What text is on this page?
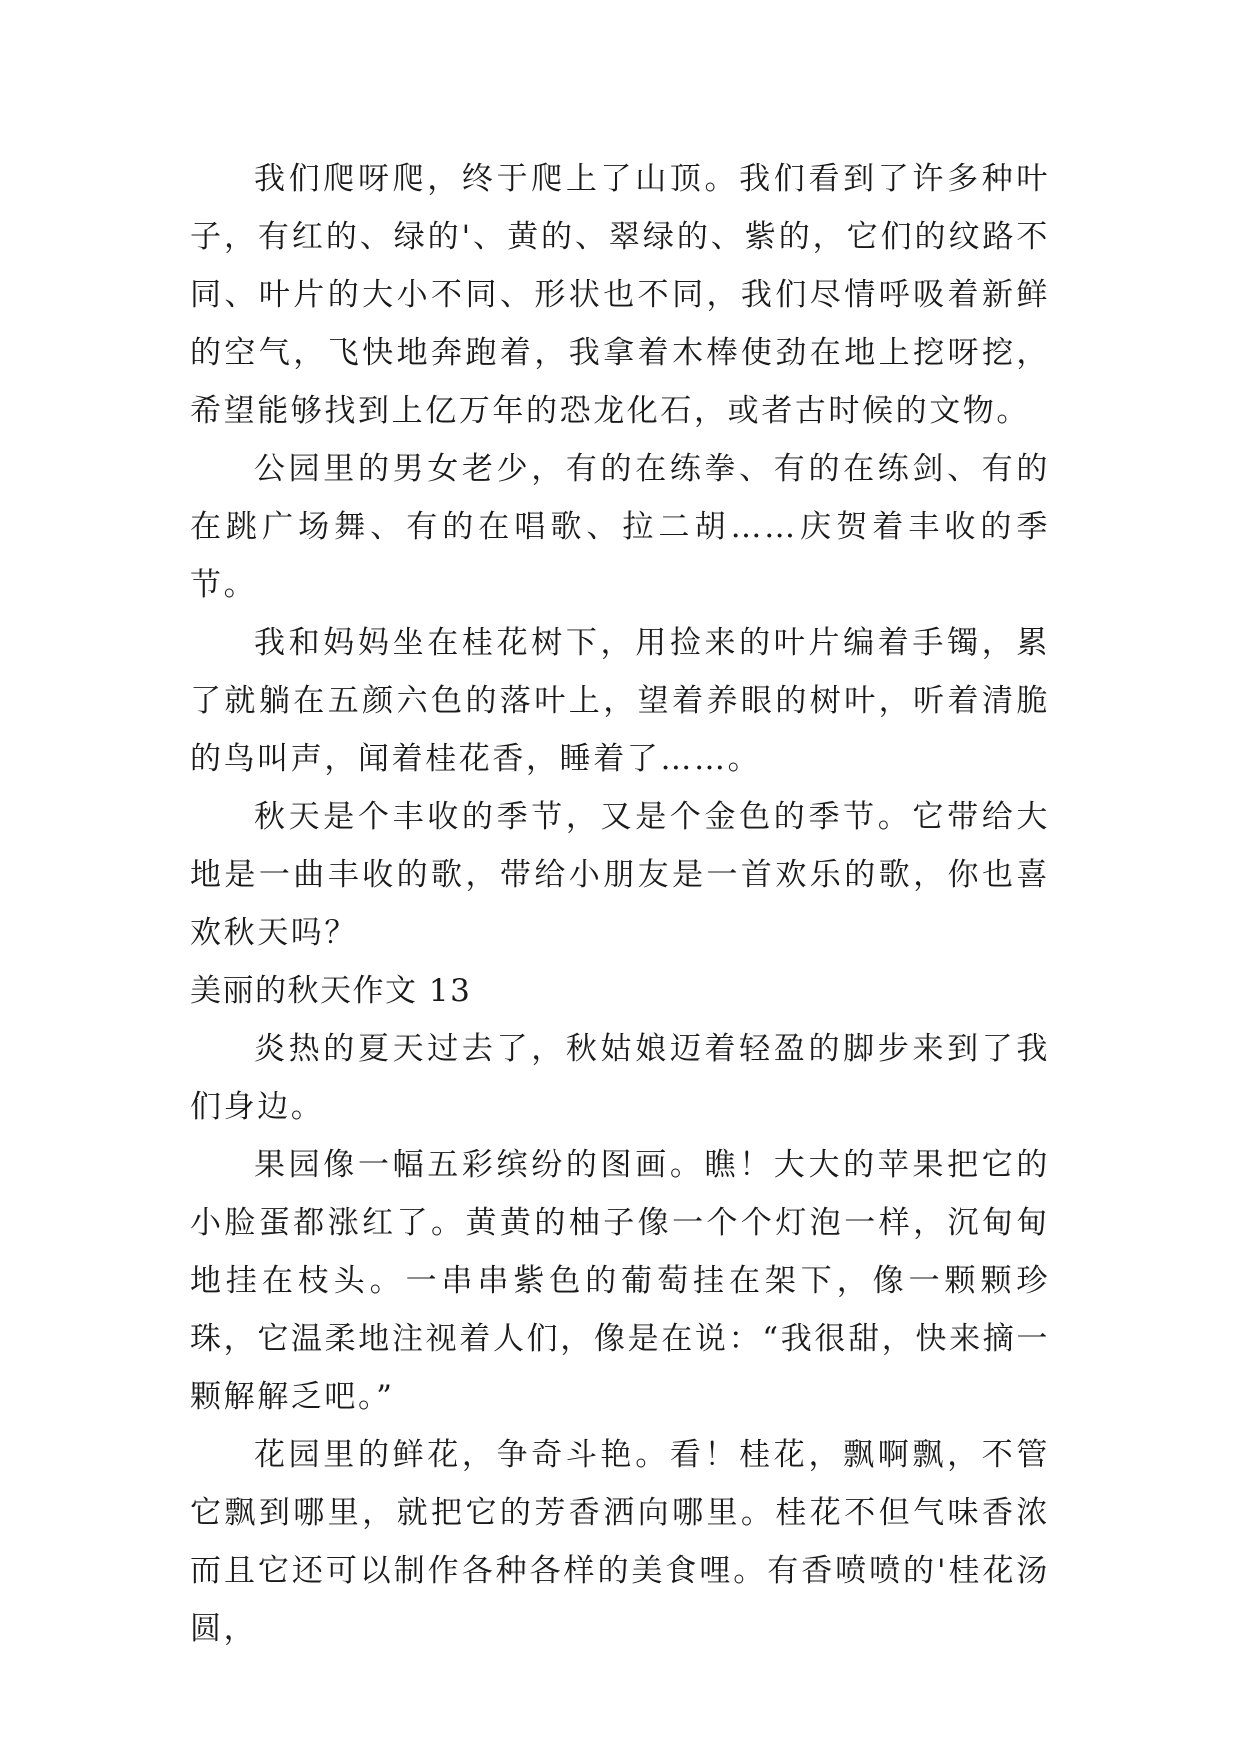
我们爬呀爬，终于爬上了山顶。我们看到了许多种叶子，有红的、绿的'、黄的、翠绿的、紫的，它们的纹路不同、叶片的大小不同、形状也不同，我们尽情呼吸着新鲜的空气，飞快地奔跑着，我拿着木棒使劲在地上挖呀挖，希望能够找到上亿万年的恐龙化石，或者古时候的文物。

公园里的男女老少，有的在练拳、有的在练剑、有的在跳广场舞、有的在唱歌、拉二胡……庆贺着丰收的季节。

我和妈妈坐在桂花树下，用捡来的叶片编着手镯，累了就躺在五颜六色的落叶上，望着养眼的树叶，听着清脆的鸟叫声，闻着桂花香，睡着了……。

秋天是个丰收的季节，又是个金色的季节。它带给大地是一曲丰收的歌，带给小朋友是一首欢乐的歌，你也喜欢秋天吗？

美丽的秋天作文 13

炎热的夏天过去了，秋姑娘迈着轻盈的脚步来到了我们身边。

果园像一幅五彩缤纷的图画。瞧！大大的苹果把它的小脸蛋都涨红了。黄黄的柚子像一个个灯泡一样，沉甸甸地挂在枝头。一串串紫色的葡萄挂在架下，像一颗颗珍珠，它温柔地注视着人们，像是在说：“我很甜，快来摘一颗解解乏吧。”

花园里的鲜花，争奇斗艳。看！桂花，飘啊飘，不管它飘到哪里，就把它的芳香洒向哪里。桂花不但气味香浓而且它还可以制作各种各样的美食哩。有香喷喷的'桂花汤圆，
